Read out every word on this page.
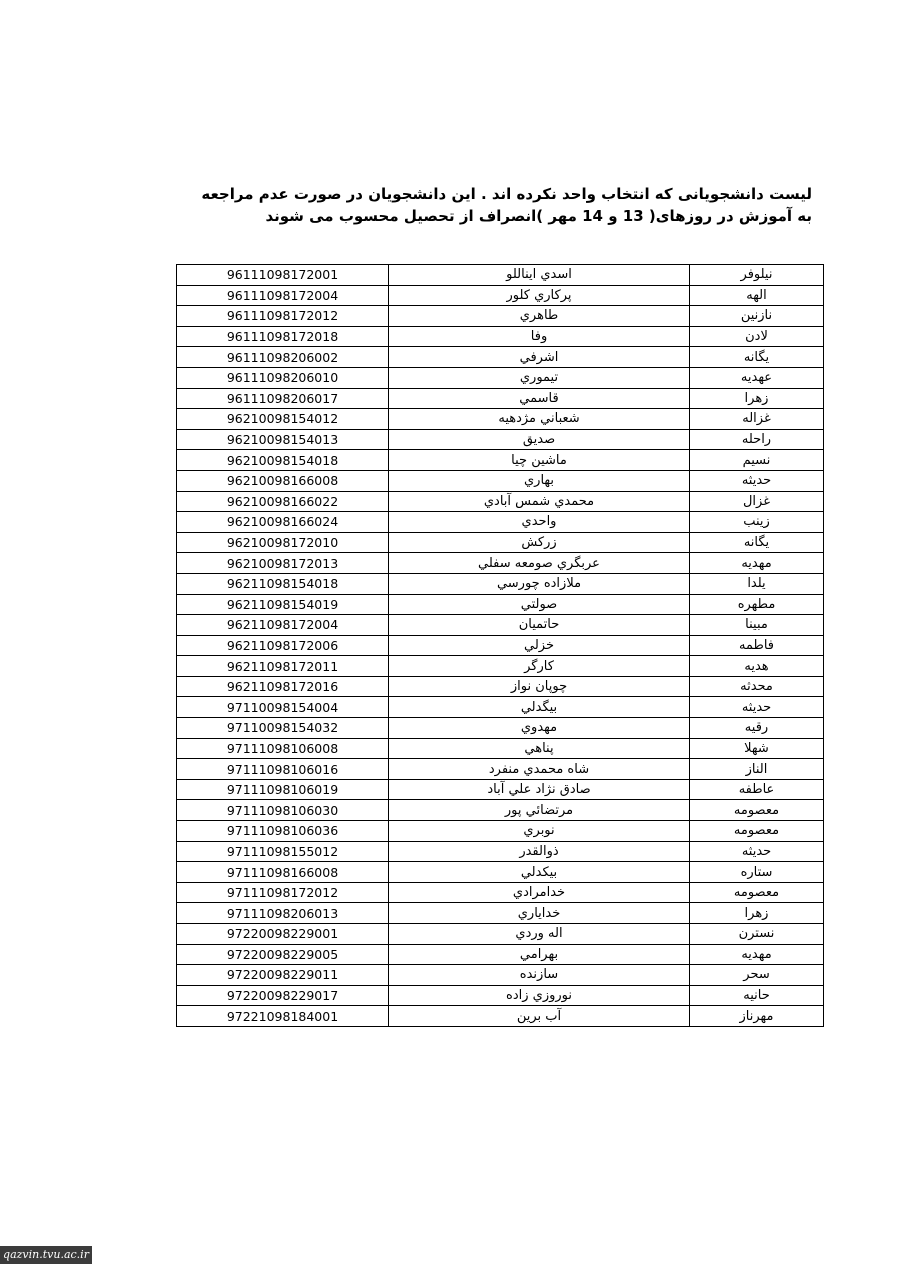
لیست دانشجویانی که انتخاب واحد نکرده اند . این دانشجویان در صورت عدم مراجعه
به آموزش در روزهای( 13 و 14 مهر )انصراف از تحصیل محسوب می شوند
نيلوفر	اسدي ايناللو	96111098172001
الهه	پركاري كلور	96111098172004
نازنين	طاهري	96111098172012
لادن	وفا	96111098172018
يگانه	اشرفي	96111098206002
عهديه	تيموري	96111098206010
زهرا	قاسمي	96111098206017
غزاله	شعباني مژدهيه	96210098154012
راحله	صديق	96210098154013
نسيم	ماشين چيا	96210098154018
حديثه	بهاري	96210098166008
غزال	محمدي شمس آبادي	96210098166022
زينب	واحدي	96210098166024
يگانه	زركش	96210098172010
مهديه	عربگري صومعه سفلي	96210098172013
يلدا	ملازاده چورسي	96211098154018
مطهره	صولتي	96211098154019
مبينا	حاتميان	96211098172004
فاطمه	خزلي	96211098172006
هديه	كارگر	96211098172011
محدثه	چوپان نواز	96211098172016
حديثه	بيگدلي	97110098154004
رقيه	مهدوي	97110098154032
شهلا	پناهي	97111098106008
الناز	شاه محمدي منفرد	97111098106016
عاطفه	صادق نژاد علي آباد	97111098106019
معصومه	مرتضائي پور	97111098106030
معصومه	نوبري	97111098106036
حديثه	ذوالقدر	97111098155012
ستاره	بيكدلي	97111098166008
معصومه	خدامرادي	97111098172012
زهرا	خداياري	97111098206013
نسترن	اله وردي	97220098229001
مهديه	بهرامي	97220098229005
سحر	سازنده	97220098229011
حانيه	نوروزي زاده	97220098229017
مهرناز	آب برين	97221098184001
qazvin.tvu.ac.ir
